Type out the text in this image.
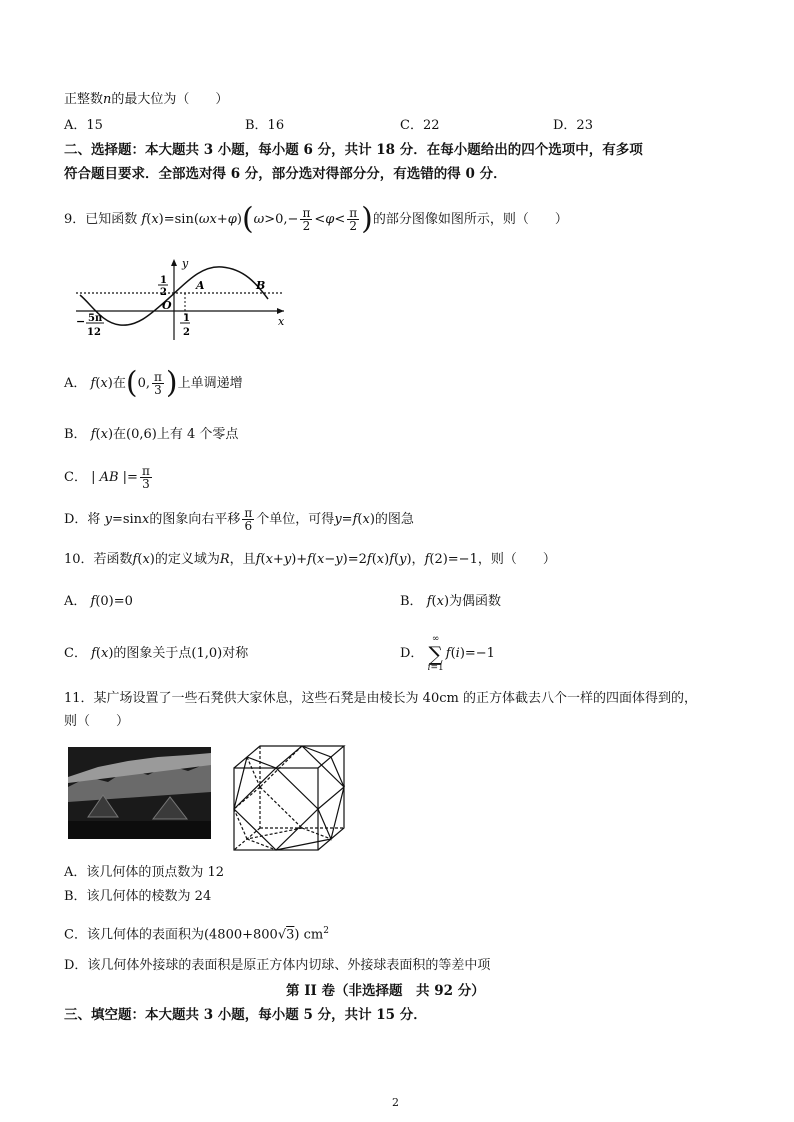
正整数n的最大位为（　　）
A．15	B．16	C．22	D．23
二、选择题：本大题共 3 小题，每小题 6 分，共计 18 分．在每小题给出的四个选项中，有多项
符合题目要求．全部选对得 6 分，部分选对得部分分，有选错的得 0 分．
9．已知函数 $f(x)=\sin(\omega x+\varphi)(\omega>0,- \frac{\pi}{2} <\varphi< \frac{\pi}{2}$ )的部分图像如图所示，则（　　）
y
x
1
2
O
A	B
− 5π
12
1
2
A． f(x)在(0, $\frac{\pi}{3}$ )上单调递增
B． f(x)在(0,6)上有 4 个零点
C． | AB |= $\frac{\pi}{3}$
D．将 y=sinx的图象向右平移 $\frac{\pi}{6}$ 个单位，可得y=f(x)的图急
10．若函数f(x)的定义域为R，且f(x+y)+f(x−y)=2f(x)f(y)，f(2)=−1，则（　　）
A． f(0)=0	B． f(x)为偶函数
C． f(x)的图象关于点(1,0)对称	D． ∞
∑
i=1f(i)=−1
11．某广场设置了一些石凳供大家休息，这些石凳是由棱长为 40cm 的正方体截去八个一样的四面体得到的，
则（　　）
A．该几何体的顶点数为 12
B．该几何体的棱数为 24
C．该几何体的表面积为(4800+800√3) $cm^2$
D．该几何体外接球的表面积是原正方体内切球、外接球表面积的等差中项
第 II 卷（非选择题　共 92 分）
三、填空题：本大题共 3 小题，每小题 5 分，共计 15 分．
2
